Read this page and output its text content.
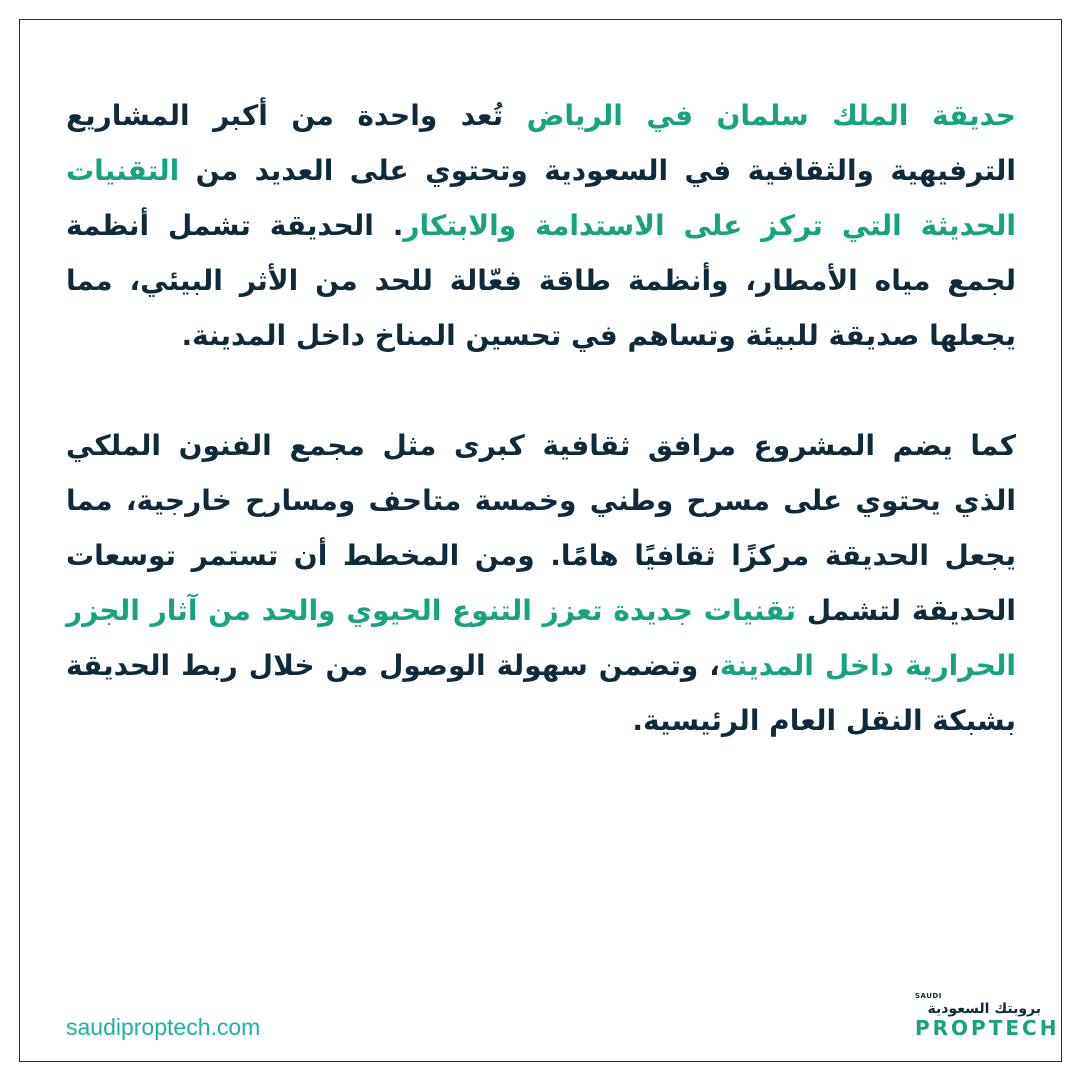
حديقة الملك سلمان في الرياض تُعد واحدة من أكبر المشاريع الترفيهية والثقافية في السعودية وتحتوي على العديد من التقنيات الحديثة التي تركز على الاستدامة والابتكار. الحديقة تشمل أنظمة لجمع مياه الأمطار، وأنظمة طاقة فعّالة للحد من الأثر البيئي، مما يجعلها صديقة للبيئة وتساهم في تحسين المناخ داخل المدينة.

كما يضم المشروع مرافق ثقافية كبرى مثل مجمع الفنون الملكي الذي يحتوي على مسرح وطني وخمسة متاحف ومسارح خارجية، مما يجعل الحديقة مركزًا ثقافيًا هامًا. ومن المخطط أن تستمر توسعات الحديقة لتشمل تقنيات جديدة تعزز التنوع الحيوي والحد من آثار الجزر الحرارية داخل المدينة، وتضمن سهولة الوصول من خلال ربط الحديقة بشبكة النقل العام الرئيسية.

saudiproptech.com
SAUDI
بروبتك السعودية
PROPTECH
